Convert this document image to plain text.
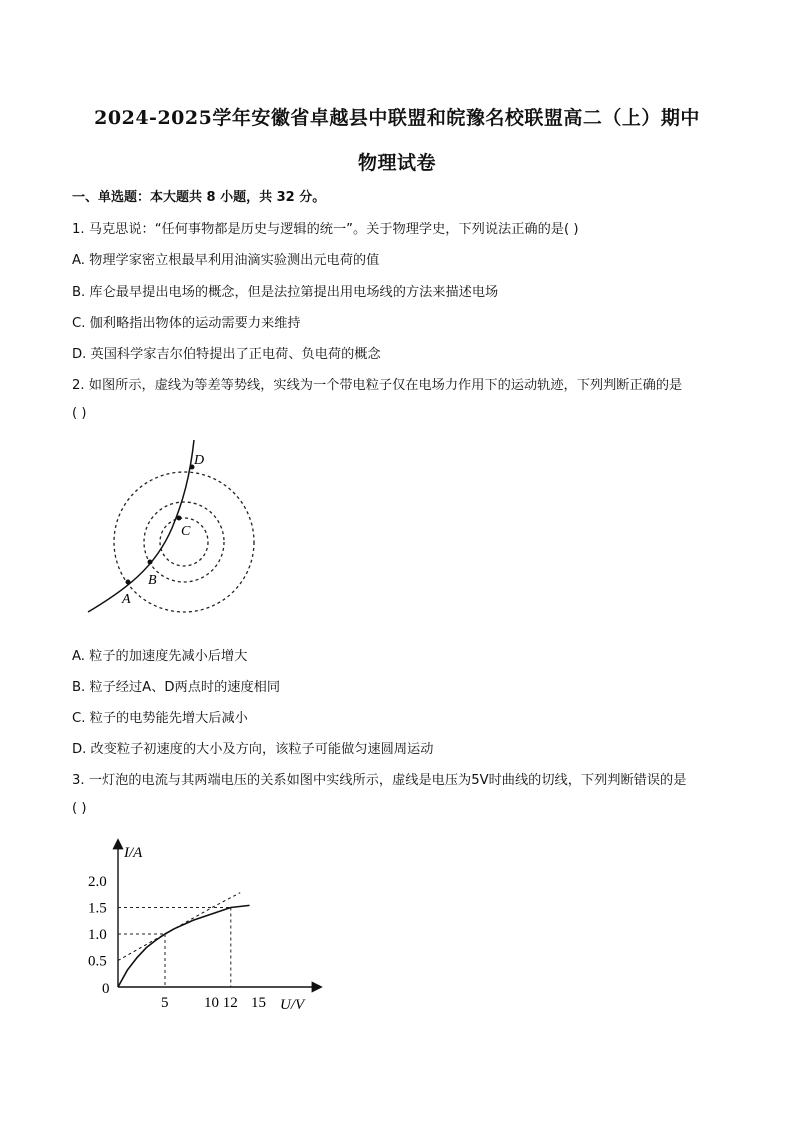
2024-2025学年安徽省卓越县中联盟和皖豫名校联盟高二（上）期中
物理试卷
一、单选题：本大题共 8 小题，共 32 分。
1. 马克思说：“任何事物都是历史与逻辑的统一”。关于物理学史，下列说法正确的是( )
A. 物理学家密立根最早利用油滴实验测出元电荷的值
B. 库仑最早提出电场的概念，但是法拉第提出用电场线的方法来描述电场
C. 伽利略指出物体的运动需要力来维持
D. 英国科学家吉尔伯特提出了正电荷、负电荷的概念
2. 如图所示，虚线为等差等势线，实线为一个带电粒子仅在电场力作用下的运动轨迹，下列判断正确的是
( )
A
B
C
D
A. 粒子的加速度先减小后增大
B. 粒子经过A、D两点时的速度相同
C. 粒子的电势能先增大后减小
D. 改变粒子初速度的大小及方向，该粒子可能做匀速圆周运动
3. 一灯泡的电流与其两端电压的关系如图中实线所示，虚线是电压为5V时曲线的切线，下列判断错误的是
( )
I/A
U/V
0
0.5
1.0
1.5
2.0
5 10 12 15
